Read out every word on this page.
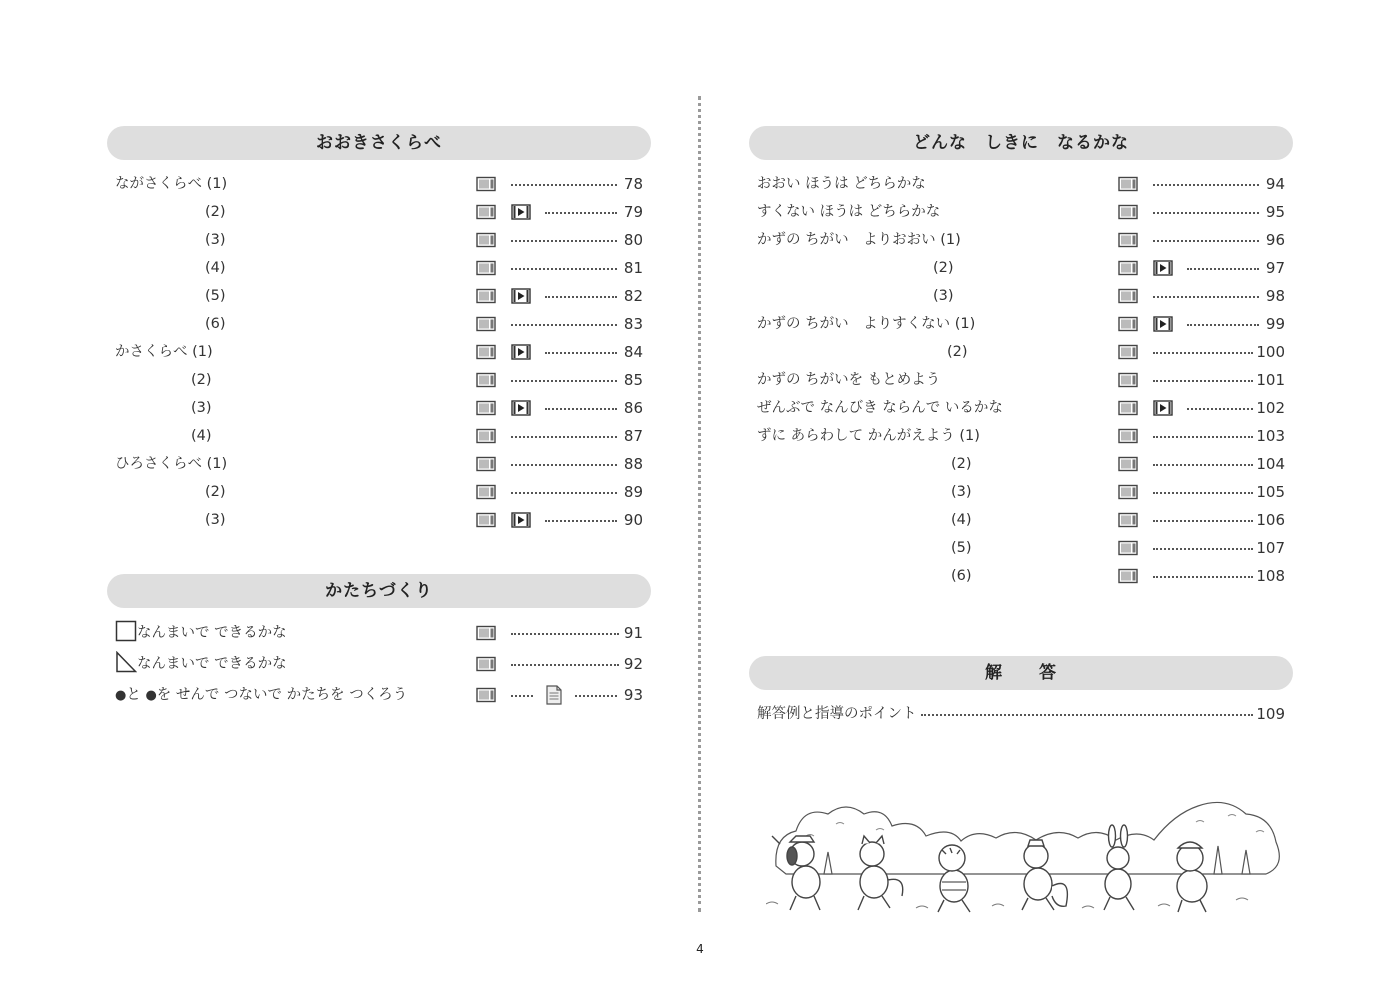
おおきさくらべ
ながさくらべ (1)	78
(2)	79
(3)	80
(4)	81
(5)	82
(6)	83
かさくらべ (1)	84
(2)	85
(3)	86
(4)	87
ひろさくらべ (1)	88
(2)	89
(3)	90
かたちづくり
なんまいで できるかな	91
なんまいで できるかな	92
●と ●を せんで つないで かたちを つくろう	93
どんな　しきに　なるかな
おおい ほうは どちらかな	94
すくない ほうは どちらかな	95
かずの ちがい　よりおおい (1)	96
(2)	97
(3)	98
かずの ちがい　よりすくない (1)	99
(2)	100
かずの ちがいを もとめよう	101
ぜんぶで なんびき ならんで いるかな	102
ずに あらわして かんがえよう (1)	103
(2)	104
(3)	105
(4)	106
(5)	107
(6)	108
解　　答
解答例と指導のポイント	109
4
